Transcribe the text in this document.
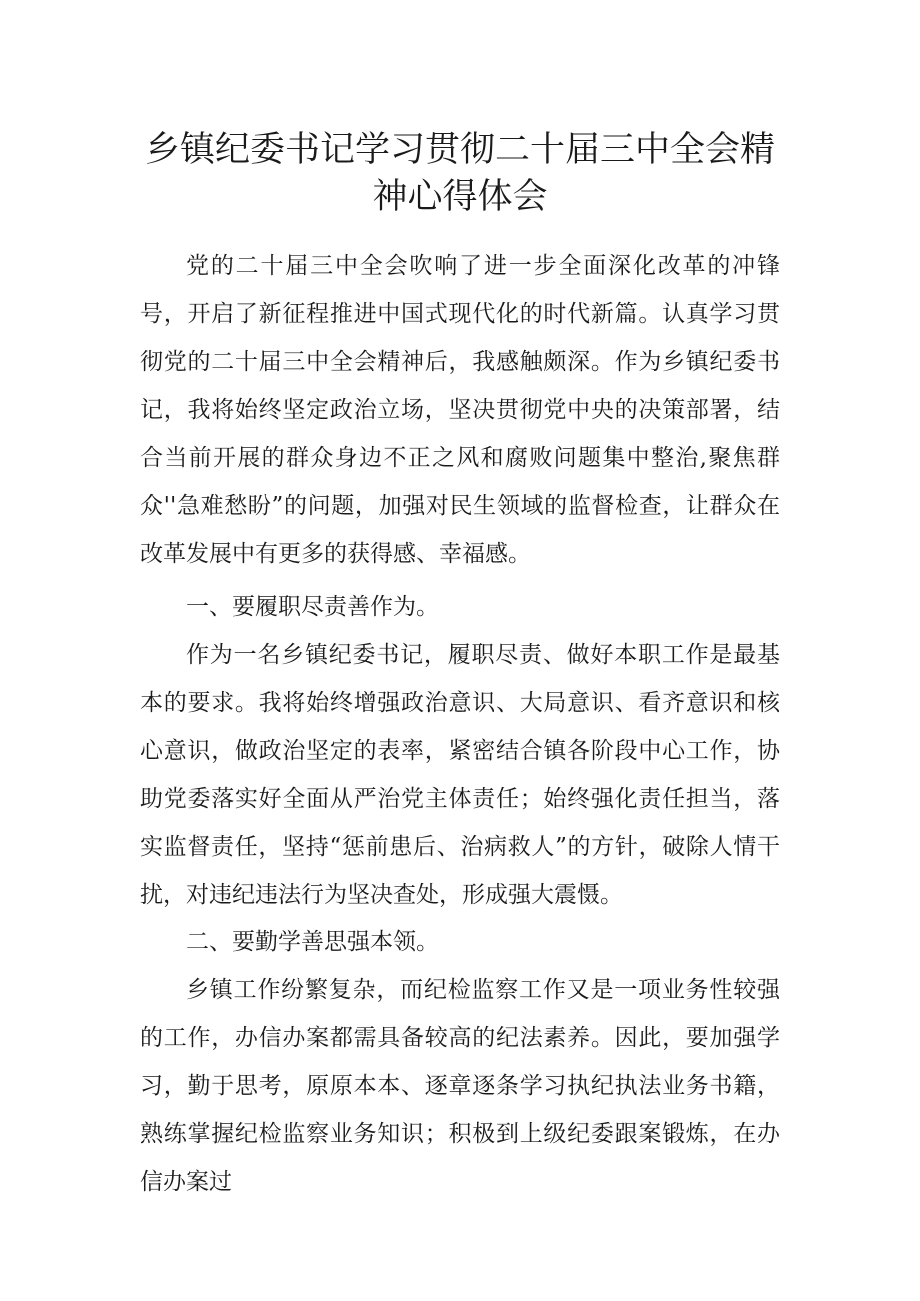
乡镇纪委书记学习贯彻二十届三中全会精神心得体会

党的二十届三中全会吹响了进一步全面深化改革的冲锋号，开启了新征程推进中国式现代化的时代新篇。认真学习贯彻党的二十届三中全会精神后，我感触颇深。作为乡镇纪委书记，我将始终坚定政治立场，坚决贯彻党中央的决策部署，结合当前开展的群众身边不正之风和腐败问题集中整治,聚焦群众''急难愁盼”的问题，加强对民生领域的监督检查，让群众在改革发展中有更多的获得感、幸福感。

一、要履职尽责善作为。

作为一名乡镇纪委书记，履职尽责、做好本职工作是最基本的要求。我将始终增强政治意识、大局意识、看齐意识和核心意识，做政治坚定的表率，紧密结合镇各阶段中心工作，协助党委落实好全面从严治党主体责任；始终强化责任担当，落实监督责任，坚持“惩前患后、治病救人”的方针，破除人情干扰，对违纪违法行为坚决查处，形成强大震慑。

二、要勤学善思强本领。

乡镇工作纷繁复杂，而纪检监察工作又是一项业务性较强的工作，办信办案都需具备较高的纪法素养。因此，要加强学习，勤于思考，原原本本、逐章逐条学习执纪执法业务书籍，熟练掌握纪检监察业务知识；积极到上级纪委跟案锻炼，在办信办案过
